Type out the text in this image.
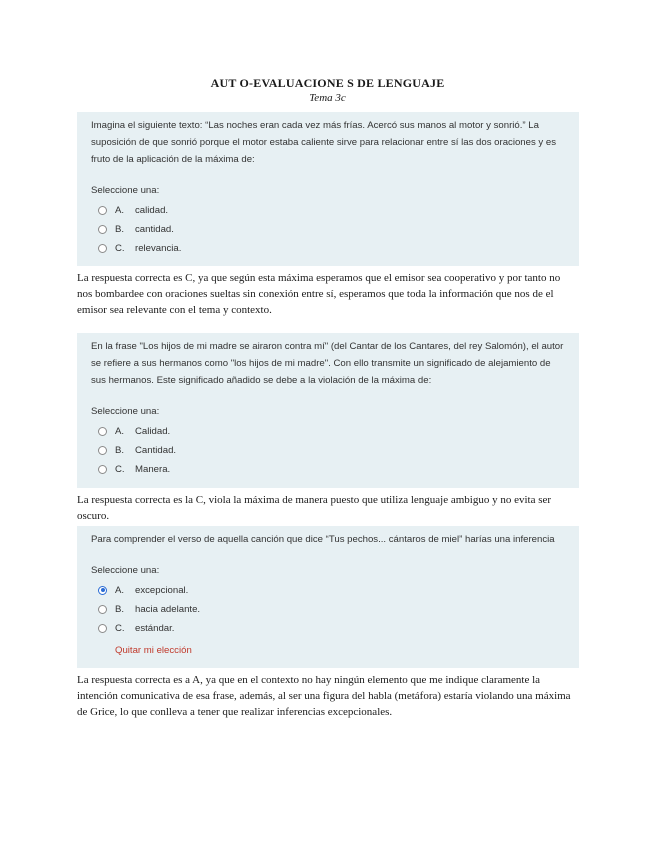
AUT O-EVALUACIONE S DE LENGUAJE
Tema 3c

Imagina el siguiente texto: “Las noches eran cada vez más frías. Acercó sus manos al motor y sonrió.” La suposición de que sonrió porque el motor estaba caliente sirve para relacionar entre sí las dos oraciones y es fruto de la aplicación de la máxima de:

Seleccione una:
A.	calidad.
B.	cantidad.
C.	relevancia.

La respuesta correcta es C, ya que según esta máxima esperamos que el emisor sea cooperativo y por tanto no nos bombardee con oraciones sueltas sin conexión entre sí, esperamos que toda la información que nos de el emisor sea relevante con el tema y contexto.

En la frase "Los hijos de mi madre se airaron contra mí" (del Cantar de los Cantares, del rey Salomón), el autor se refiere a sus hermanos como "los hijos de mi madre". Con ello transmite un significado de alejamiento de sus hermanos. Este significado añadido se debe a la violación de la máxima de:

Seleccione una:
A.	Calidad.
B.	Cantidad.
C.	Manera.

La respuesta correcta es la C, viola la máxima de manera puesto que utiliza lenguaje ambiguo y no evita ser oscuro.

Para comprender el verso de aquella canción que dice “Tus pechos... cántaros de miel” harías una inferencia

Seleccione una:
A.	excepcional.
B.	hacia adelante.
C.	estándar.
Quitar mi elección

La respuesta correcta es a A, ya que en el contexto no hay ningún elemento que me indique claramente la intención comunicativa de esa frase, además, al ser una figura del habla (metáfora) estaría violando una máxima de Grice, lo que conlleva a tener que realizar inferencias excepcionales.
